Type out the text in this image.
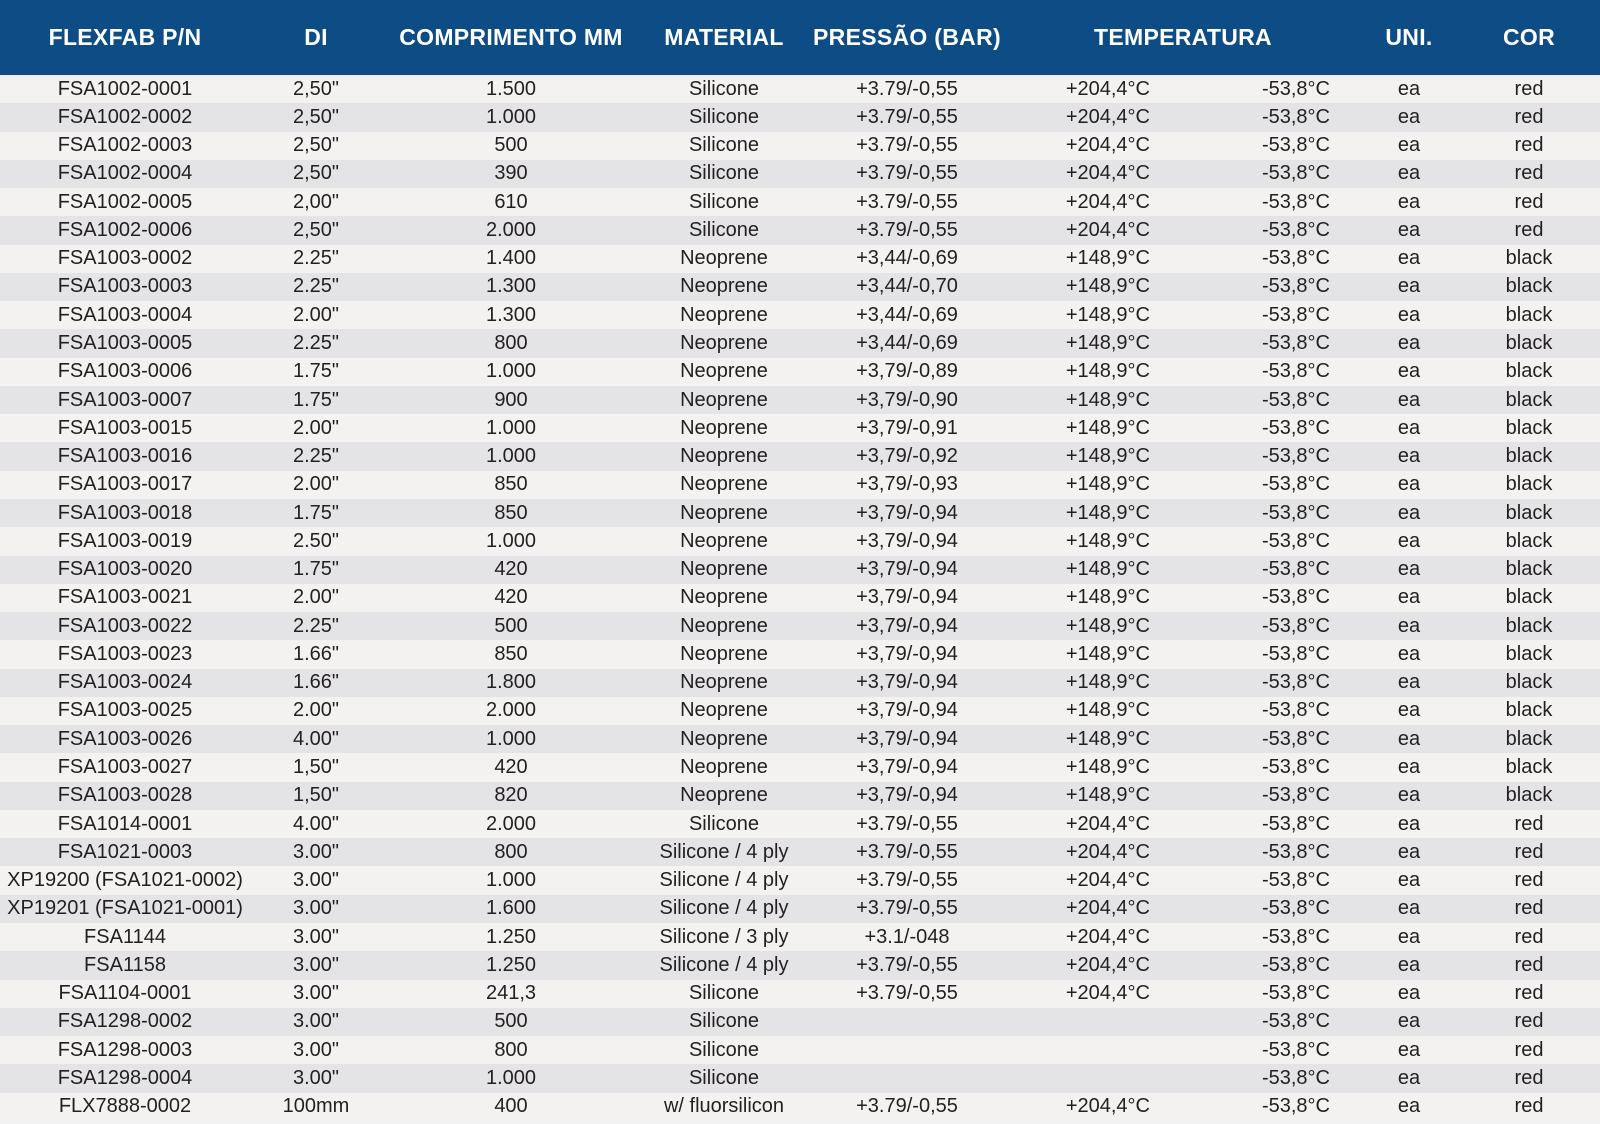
FLEXFAB P/N	DI	COMPRIMENTO MM	MATERIAL	PRESSÃO (BAR)	TEMPERATURA		UNI.	COR
FSA1002-0001	2,50"	1.500	Silicone	+3.79/-0,55	+204,4°C	-53,8°C	ea	red
FSA1002-0002	2,50"	1.000	Silicone	+3.79/-0,55	+204,4°C	-53,8°C	ea	red
FSA1002-0003	2,50"	500	Silicone	+3.79/-0,55	+204,4°C	-53,8°C	ea	red
FSA1002-0004	2,50"	390	Silicone	+3.79/-0,55	+204,4°C	-53,8°C	ea	red
FSA1002-0005	2,00"	610	Silicone	+3.79/-0,55	+204,4°C	-53,8°C	ea	red
FSA1002-0006	2,50"	2.000	Silicone	+3.79/-0,55	+204,4°C	-53,8°C	ea	red
FSA1003-0002	2.25"	1.400	Neoprene	+3,44/-0,69	+148,9°C	-53,8°C	ea	black
FSA1003-0003	2.25"	1.300	Neoprene	+3,44/-0,70	+148,9°C	-53,8°C	ea	black
FSA1003-0004	2.00"	1.300	Neoprene	+3,44/-0,69	+148,9°C	-53,8°C	ea	black
FSA1003-0005	2.25"	800	Neoprene	+3,44/-0,69	+148,9°C	-53,8°C	ea	black
FSA1003-0006	1.75"	1.000	Neoprene	+3,79/-0,89	+148,9°C	-53,8°C	ea	black
FSA1003-0007	1.75"	900	Neoprene	+3,79/-0,90	+148,9°C	-53,8°C	ea	black
FSA1003-0015	2.00"	1.000	Neoprene	+3,79/-0,91	+148,9°C	-53,8°C	ea	black
FSA1003-0016	2.25"	1.000	Neoprene	+3,79/-0,92	+148,9°C	-53,8°C	ea	black
FSA1003-0017	2.00"	850	Neoprene	+3,79/-0,93	+148,9°C	-53,8°C	ea	black
FSA1003-0018	1.75"	850	Neoprene	+3,79/-0,94	+148,9°C	-53,8°C	ea	black
FSA1003-0019	2.50"	1.000	Neoprene	+3,79/-0,94	+148,9°C	-53,8°C	ea	black
FSA1003-0020	1.75"	420	Neoprene	+3,79/-0,94	+148,9°C	-53,8°C	ea	black
FSA1003-0021	2.00"	420	Neoprene	+3,79/-0,94	+148,9°C	-53,8°C	ea	black
FSA1003-0022	2.25"	500	Neoprene	+3,79/-0,94	+148,9°C	-53,8°C	ea	black
FSA1003-0023	1.66"	850	Neoprene	+3,79/-0,94	+148,9°C	-53,8°C	ea	black
FSA1003-0024	1.66"	1.800	Neoprene	+3,79/-0,94	+148,9°C	-53,8°C	ea	black
FSA1003-0025	2.00"	2.000	Neoprene	+3,79/-0,94	+148,9°C	-53,8°C	ea	black
FSA1003-0026	4.00"	1.000	Neoprene	+3,79/-0,94	+148,9°C	-53,8°C	ea	black
FSA1003-0027	1,50"	420	Neoprene	+3,79/-0,94	+148,9°C	-53,8°C	ea	black
FSA1003-0028	1,50"	820	Neoprene	+3,79/-0,94	+148,9°C	-53,8°C	ea	black
FSA1014-0001	4.00"	2.000	Silicone	+3.79/-0,55	+204,4°C	-53,8°C	ea	red
FSA1021-0003	3.00"	800	Silicone / 4 ply	+3.79/-0,55	+204,4°C	-53,8°C	ea	red
XP19200 (FSA1021-0002)	3.00"	1.000	Silicone / 4 ply	+3.79/-0,55	+204,4°C	-53,8°C	ea	red
XP19201 (FSA1021-0001)	3.00"	1.600	Silicone / 4 ply	+3.79/-0,55	+204,4°C	-53,8°C	ea	red
FSA1144	3.00"	1.250	Silicone / 3 ply	+3.1/-048	+204,4°C	-53,8°C	ea	red
FSA1158	3.00"	1.250	Silicone / 4 ply	+3.79/-0,55	+204,4°C	-53,8°C	ea	red
FSA1104-0001	3.00"	241,3	Silicone	+3.79/-0,55	+204,4°C	-53,8°C	ea	red
FSA1298-0002	3.00"	500	Silicone			-53,8°C	ea	red
FSA1298-0003	3.00"	800	Silicone			-53,8°C	ea	red
FSA1298-0004	3.00"	1.000	Silicone			-53,8°C	ea	red
FLX7888-0002	100mm	400	w/ fluorsilicon	+3.79/-0,55	+204,4°C	-53,8°C	ea	red
